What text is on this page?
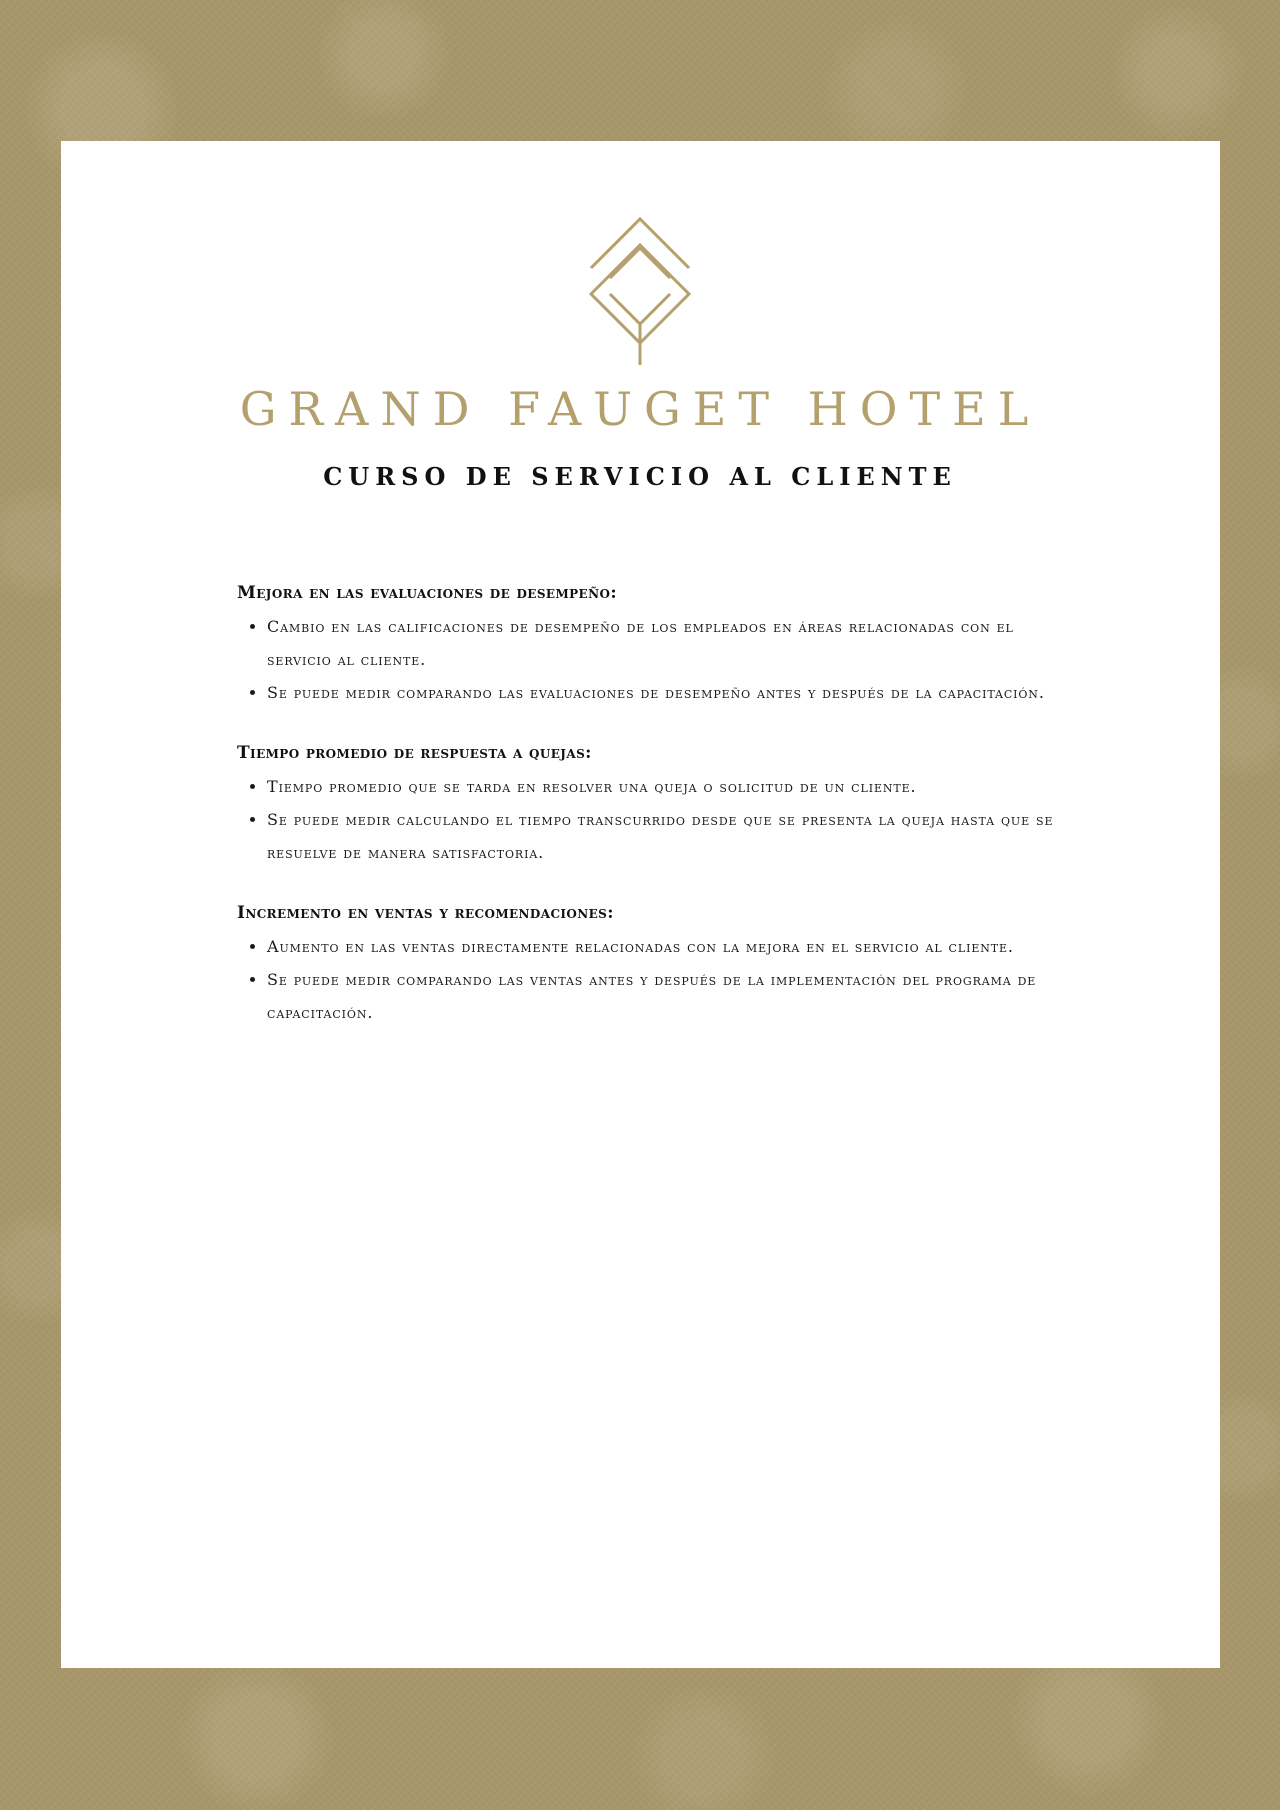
GRAND FAUGET HOTEL
CURSO DE SERVICIO AL CLIENTE

Mejora en las evaluaciones de desempeño:

• Cambio en las calificaciones de desempeño de los empleados en áreas relacionadas con el servicio al cliente.
• Se puede medir comparando las evaluaciones de desempeño antes y después de la capacitación.

Tiempo promedio de respuesta a quejas:

• Tiempo promedio que se tarda en resolver una queja o solicitud de un cliente.
• Se puede medir calculando el tiempo transcurrido desde que se presenta la queja hasta que se resuelve de manera satisfactoria.

Incremento en ventas y recomendaciones:

• Aumento en las ventas directamente relacionadas con la mejora en el servicio al cliente.
• Se puede medir comparando las ventas antes y después de la implementación del programa de capacitación.
